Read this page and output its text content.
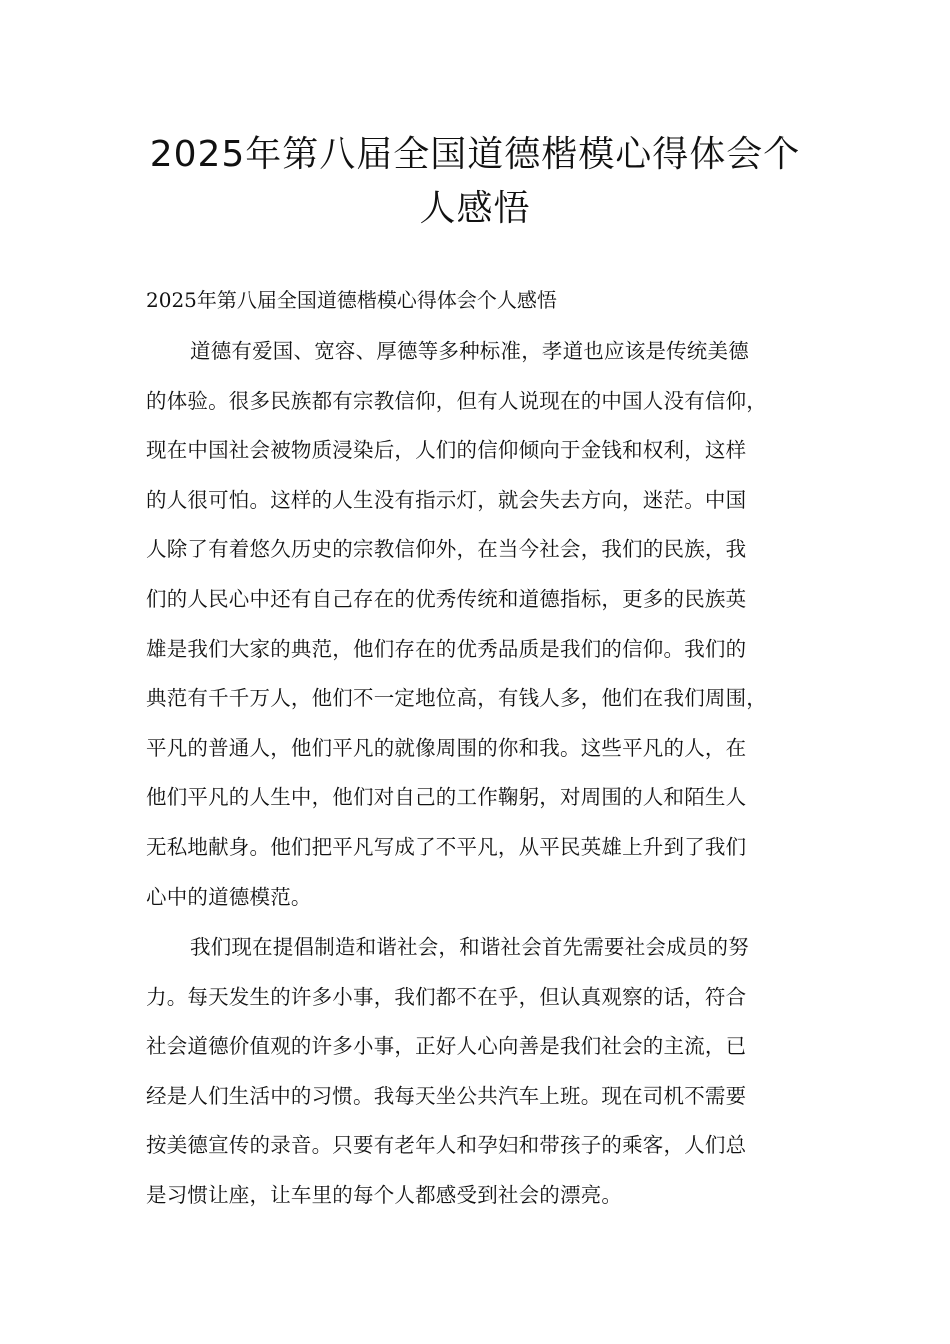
2025年第八届全国道德楷模心得体会个
人感悟
2025年第八届全国道德楷模心得体会个人感悟
道德有爱国、宽容、厚德等多种标准，孝道也应该是传统美德
的体验。很多民族都有宗教信仰，但有人说现在的中国人没有信仰，
现在中国社会被物质浸染后，人们的信仰倾向于金钱和权利，这样
的人很可怕。这样的人生没有指示灯，就会失去方向，迷茫。中国
人除了有着悠久历史的宗教信仰外，在当今社会，我们的民族，我
们的人民心中还有自己存在的优秀传统和道德指标，更多的民族英
雄是我们大家的典范，他们存在的优秀品质是我们的信仰。我们的
典范有千千万人，他们不一定地位高，有钱人多，他们在我们周围，
平凡的普通人，他们平凡的就像周围的你和我。这些平凡的人，在
他们平凡的人生中，他们对自己的工作鞠躬，对周围的人和陌生人
无私地献身。他们把平凡写成了不平凡，从平民英雄上升到了我们
心中的道德模范。
我们现在提倡制造和谐社会，和谐社会首先需要社会成员的努
力。每天发生的许多小事，我们都不在乎，但认真观察的话，符合
社会道德价值观的许多小事，正好人心向善是我们社会的主流，已
经是人们生活中的习惯。我每天坐公共汽车上班。现在司机不需要
按美德宣传的录音。只要有老年人和孕妇和带孩子的乘客，人们总
是习惯让座，让车里的每个人都感受到社会的漂亮。
